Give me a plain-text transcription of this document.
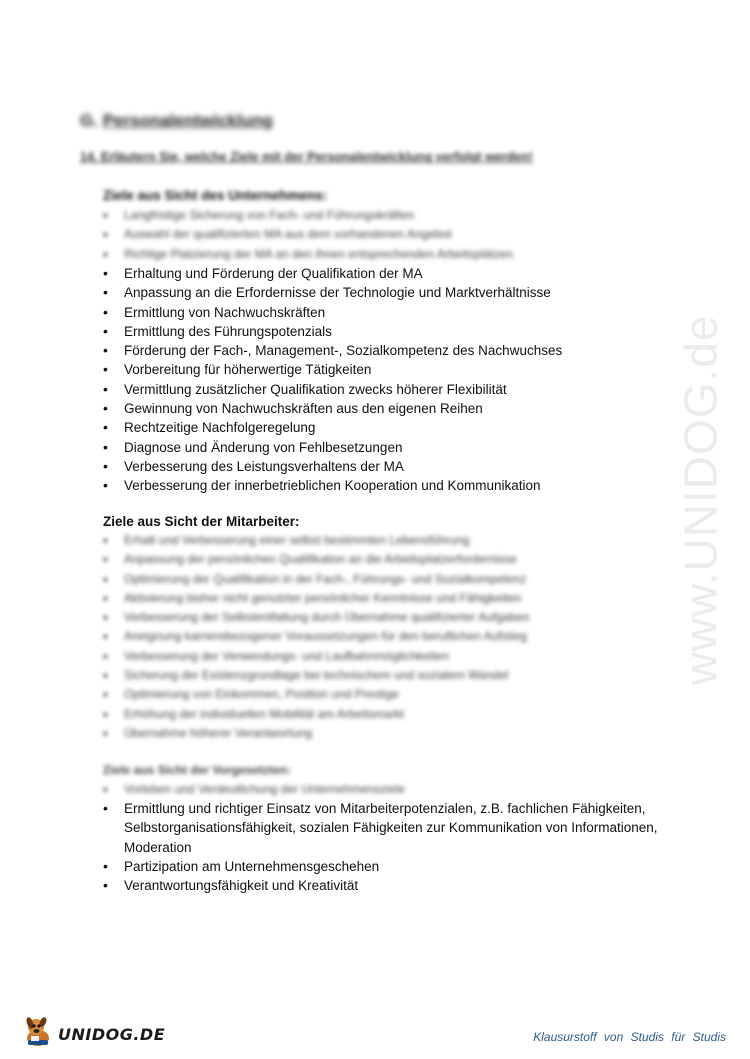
www.UNIDOG.de
G. Personalentwicklung
14. Erläutern Sie, welche Ziele mit der Personalentwicklung verfolgt werden!
Ziele aus Sicht des Unternehmens:
• Langfristige Sicherung von Fach- und Führungskräften
• Auswahl der qualifizierten MA aus dem vorhandenen Angebot
• Richtige Platzierung der MA an den ihnen entsprechenden Arbeitsplätzen
• Erhaltung und Förderung der Qualifikation der MA
• Anpassung an die Erfordernisse der Technologie und Marktverhältnisse
• Ermittlung von Nachwuchskräften
• Ermittlung des Führungspotenzials
• Förderung der Fach-, Management-, Sozialkompetenz des Nachwuchses
• Vorbereitung für höherwertige Tätigkeiten
• Vermittlung zusätzlicher Qualifikation zwecks höherer Flexibilität
• Gewinnung von Nachwuchskräften aus den eigenen Reihen
• Rechtzeitige Nachfolgeregelung
• Diagnose und Änderung von Fehlbesetzungen
• Verbesserung des Leistungsverhaltens der MA
• Verbesserung der innerbetrieblichen Kooperation und Kommunikation
Ziele aus Sicht der Mitarbeiter:
• Erhalt und Verbesserung einer selbst bestimmten Lebensführung
• Anpassung der persönlichen Qualifikation an die Arbeitsplatzerfordernisse
• Optimierung der Qualifikation in der Fach-, Führungs- und Sozialkompetenz
• Aktivierung bisher nicht genutzter persönlicher Kenntnisse und Fähigkeiten
• Verbesserung der Selbstentfaltung durch Übernahme qualifizierter Aufgaben
• Aneignung karrierebezogener Voraussetzungen für den beruflichen Aufstieg
• Verbesserung der Verwendungs- und Laufbahnmöglichkeiten
• Sicherung der Existenzgrundlage bei technischem und sozialem Wandel
• Optimierung von Einkommen, Position und Prestige
• Erhöhung der individuellen Mobilität am Arbeitsmarkt
• Übernahme höherer Verantwortung
Ziele aus Sicht der Vorgesetzten:
• Vorleben und Verdeutlichung der Unternehmensziele
• Ermittlung und richtiger Einsatz von Mitarbeiterpotenzialen, z.B. fachlichen Fähigkeiten, Selbstorganisationsfähigkeit, sozialen Fähigkeiten zur Kommunikation von Informationen, Moderation
• Partizipation am Unternehmensgeschehen
• Verantwortungsfähigkeit und Kreativität
UNIDOG.DE	Klausurstoff von Studis für Studis
